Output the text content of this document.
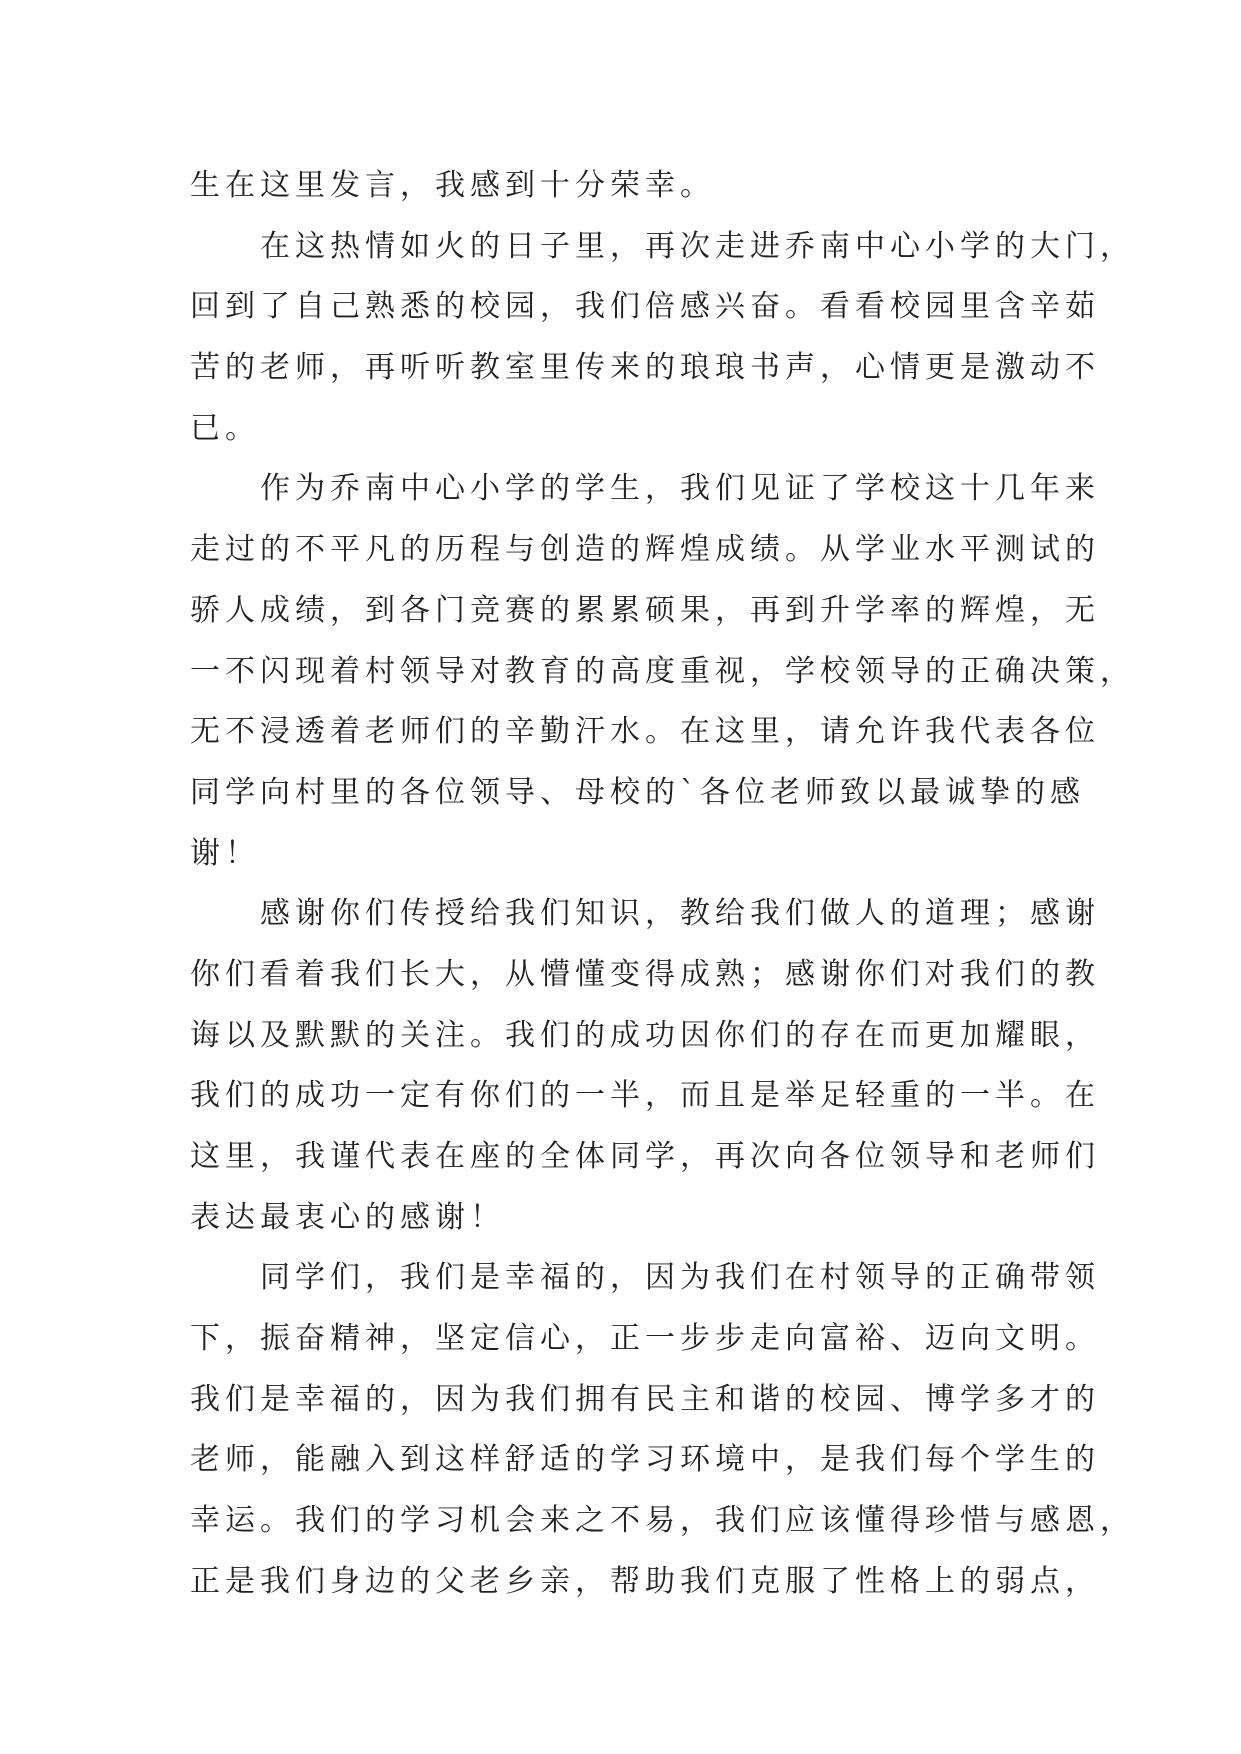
生在这里发言，我感到十分荣幸。
　　在这热情如火的日子里，再次走进乔南中心小学的大门，
回到了自己熟悉的校园，我们倍感兴奋。看看校园里含辛茹
苦的老师，再听听教室里传来的琅琅书声，心情更是激动不
已。
　　作为乔南中心小学的学生，我们见证了学校这十几年来
走过的不平凡的历程与创造的辉煌成绩。从学业水平测试的
骄人成绩，到各门竞赛的累累硕果，再到升学率的辉煌，无
一不闪现着村领导对教育的高度重视，学校领导的正确决策，
无不浸透着老师们的辛勤汗水。在这里，请允许我代表各位
同学向村里的各位领导、母校的`各位老师致以最诚挚的感
谢！
　　感谢你们传授给我们知识，教给我们做人的道理；感谢
你们看着我们长大，从懵懂变得成熟；感谢你们对我们的教
诲以及默默的关注。我们的成功因你们的存在而更加耀眼，
我们的成功一定有你们的一半，而且是举足轻重的一半。在
这里，我谨代表在座的全体同学，再次向各位领导和老师们
表达最衷心的感谢！
　　同学们，我们是幸福的，因为我们在村领导的正确带领
下，振奋精神，坚定信心，正一步步走向富裕、迈向文明。
我们是幸福的，因为我们拥有民主和谐的校园、博学多才的
老师，能融入到这样舒适的学习环境中，是我们每个学生的
幸运。我们的学习机会来之不易，我们应该懂得珍惜与感恩，
正是我们身边的父老乡亲，帮助我们克服了性格上的弱点，
